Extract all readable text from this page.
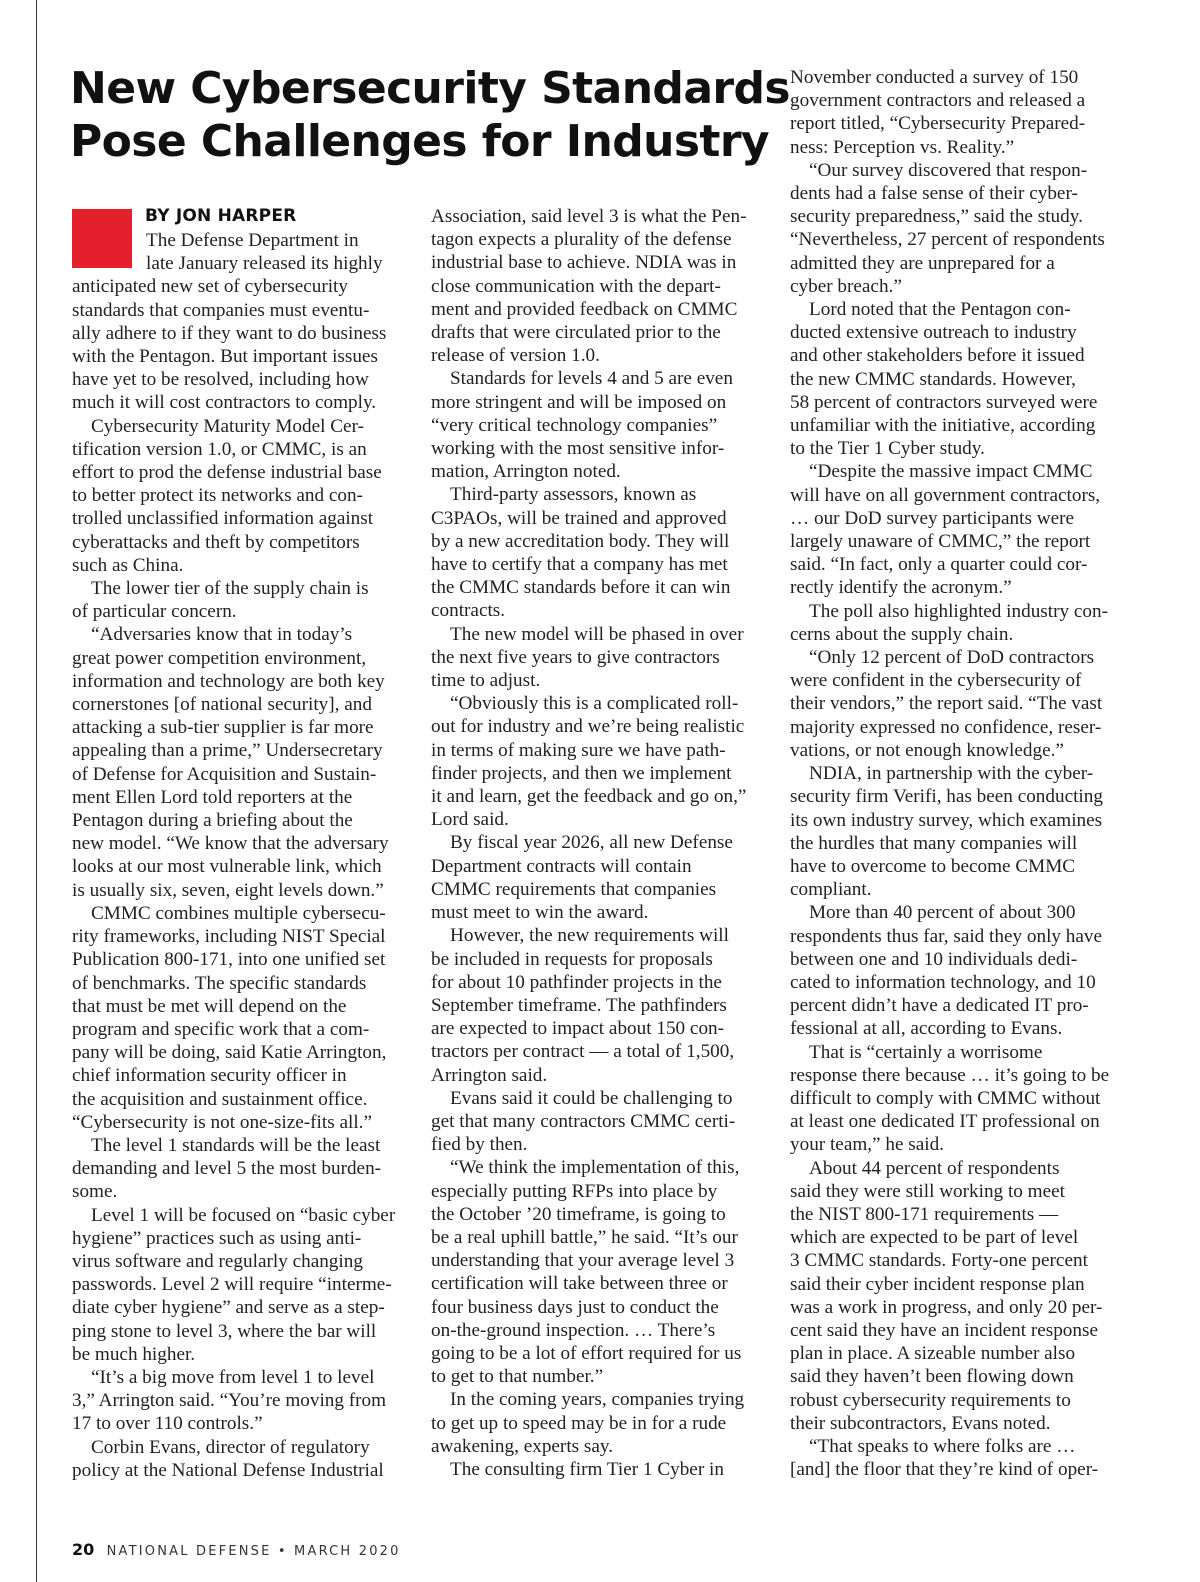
New Cybersecurity Standards
Pose Challenges for Industry
BY JON HARPER
The Defense Department in
late January released its highly
anticipated new set of cybersecurity
standards that companies must eventu-
ally adhere to if they want to do business
with the Pentagon. But important issues
have yet to be resolved, including how
much it will cost contractors to comply.
Cybersecurity Maturity Model Cer-
tification version 1.0, or CMMC, is an
effort to prod the defense industrial base
to better protect its networks and con-
trolled unclassified information against
cyberattacks and theft by competitors
such as China.
The lower tier of the supply chain is
of particular concern.
“Adversaries know that in today’s
great power competition environment,
information and technology are both key
cornerstones [of national security], and
attacking a sub-tier supplier is far more
appealing than a prime,” Undersecretary
of Defense for Acquisition and Sustain-
ment Ellen Lord told reporters at the
Pentagon during a briefing about the
new model. “We know that the adversary
looks at our most vulnerable link, which
is usually six, seven, eight levels down.”
CMMC combines multiple cybersecu-
rity frameworks, including NIST Special
Publication 800-171, into one unified set
of benchmarks. The specific standards
that must be met will depend on the
program and specific work that a com-
pany will be doing, said Katie Arrington,
chief information security officer in
the acquisition and sustainment office.
“Cybersecurity is not one-size-fits all.”
The level 1 standards will be the least
demanding and level 5 the most burden-
some.
Level 1 will be focused on “basic cyber
hygiene” practices such as using anti-
virus software and regularly changing
passwords. Level 2 will require “interme-
diate cyber hygiene” and serve as a step-
ping stone to level 3, where the bar will
be much higher.
“It’s a big move from level 1 to level
3,” Arrington said. “You’re moving from
17 to over 110 controls.”
Corbin Evans, director of regulatory
policy at the National Defense Industrial
Association, said level 3 is what the Pen-
tagon expects a plurality of the defense
industrial base to achieve. NDIA was in
close communication with the depart-
ment and provided feedback on CMMC
drafts that were circulated prior to the
release of version 1.0.
Standards for levels 4 and 5 are even
more stringent and will be imposed on
“very critical technology companies”
working with the most sensitive infor-
mation, Arrington noted.
Third-party assessors, known as
C3PAOs, will be trained and approved
by a new accreditation body. They will
have to certify that a company has met
the CMMC standards before it can win
contracts.
The new model will be phased in over
the next five years to give contractors
time to adjust.
“Obviously this is a complicated roll-
out for industry and we’re being realistic
in terms of making sure we have path-
finder projects, and then we implement
it and learn, get the feedback and go on,”
Lord said.
By fiscal year 2026, all new Defense
Department contracts will contain
CMMC requirements that companies
must meet to win the award.
However, the new requirements will
be included in requests for proposals
for about 10 pathfinder projects in the
September timeframe. The pathfinders
are expected to impact about 150 con-
tractors per contract — a total of 1,500,
Arrington said.
Evans said it could be challenging to
get that many contractors CMMC certi-
fied by then.
“We think the implementation of this,
especially putting RFPs into place by
the October ’20 timeframe, is going to
be a real uphill battle,” he said. “It’s our
understanding that your average level 3
certification will take between three or
four business days just to conduct the
on-the-ground inspection. … There’s
going to be a lot of effort required for us
to get to that number.”
In the coming years, companies trying
to get up to speed may be in for a rude
awakening, experts say.
The consulting firm Tier 1 Cyber in
November conducted a survey of 150
government contractors and released a
report titled, “Cybersecurity Prepared-
ness: Perception vs. Reality.”
“Our survey discovered that respon-
dents had a false sense of their cyber-
security preparedness,” said the study.
“Nevertheless, 27 percent of respondents
admitted they are unprepared for a
cyber breach.”
Lord noted that the Pentagon con-
ducted extensive outreach to industry
and other stakeholders before it issued
the new CMMC standards. However,
58 percent of contractors surveyed were
unfamiliar with the initiative, according
to the Tier 1 Cyber study.
“Despite the massive impact CMMC
will have on all government contractors,
… our DoD survey participants were
largely unaware of CMMC,” the report
said. “In fact, only a quarter could cor-
rectly identify the acronym.”
The poll also highlighted industry con-
cerns about the supply chain.
“Only 12 percent of DoD contractors
were confident in the cybersecurity of
their vendors,” the report said. “The vast
majority expressed no confidence, reser-
vations, or not enough knowledge.”
NDIA, in partnership with the cyber-
security firm Verifi, has been conducting
its own industry survey, which examines
the hurdles that many companies will
have to overcome to become CMMC
compliant.
More than 40 percent of about 300
respondents thus far, said they only have
between one and 10 individuals dedi-
cated to information technology, and 10
percent didn’t have a dedicated IT pro-
fessional at all, according to Evans.
That is “certainly a worrisome
response there because … it’s going to be
difficult to comply with CMMC without
at least one dedicated IT professional on
your team,” he said.
About 44 percent of respondents
said they were still working to meet
the NIST 800-171 requirements —
which are expected to be part of level
3 CMMC standards. Forty-one percent
said their cyber incident response plan
was a work in progress, and only 20 per-
cent said they have an incident response
plan in place. A sizeable number also
said they haven’t been flowing down
robust cybersecurity requirements to
their subcontractors, Evans noted.
“That speaks to where folks are …
[and] the floor that they’re kind of oper-
20 NATIONAL DEFENSE • MARCH 2020
